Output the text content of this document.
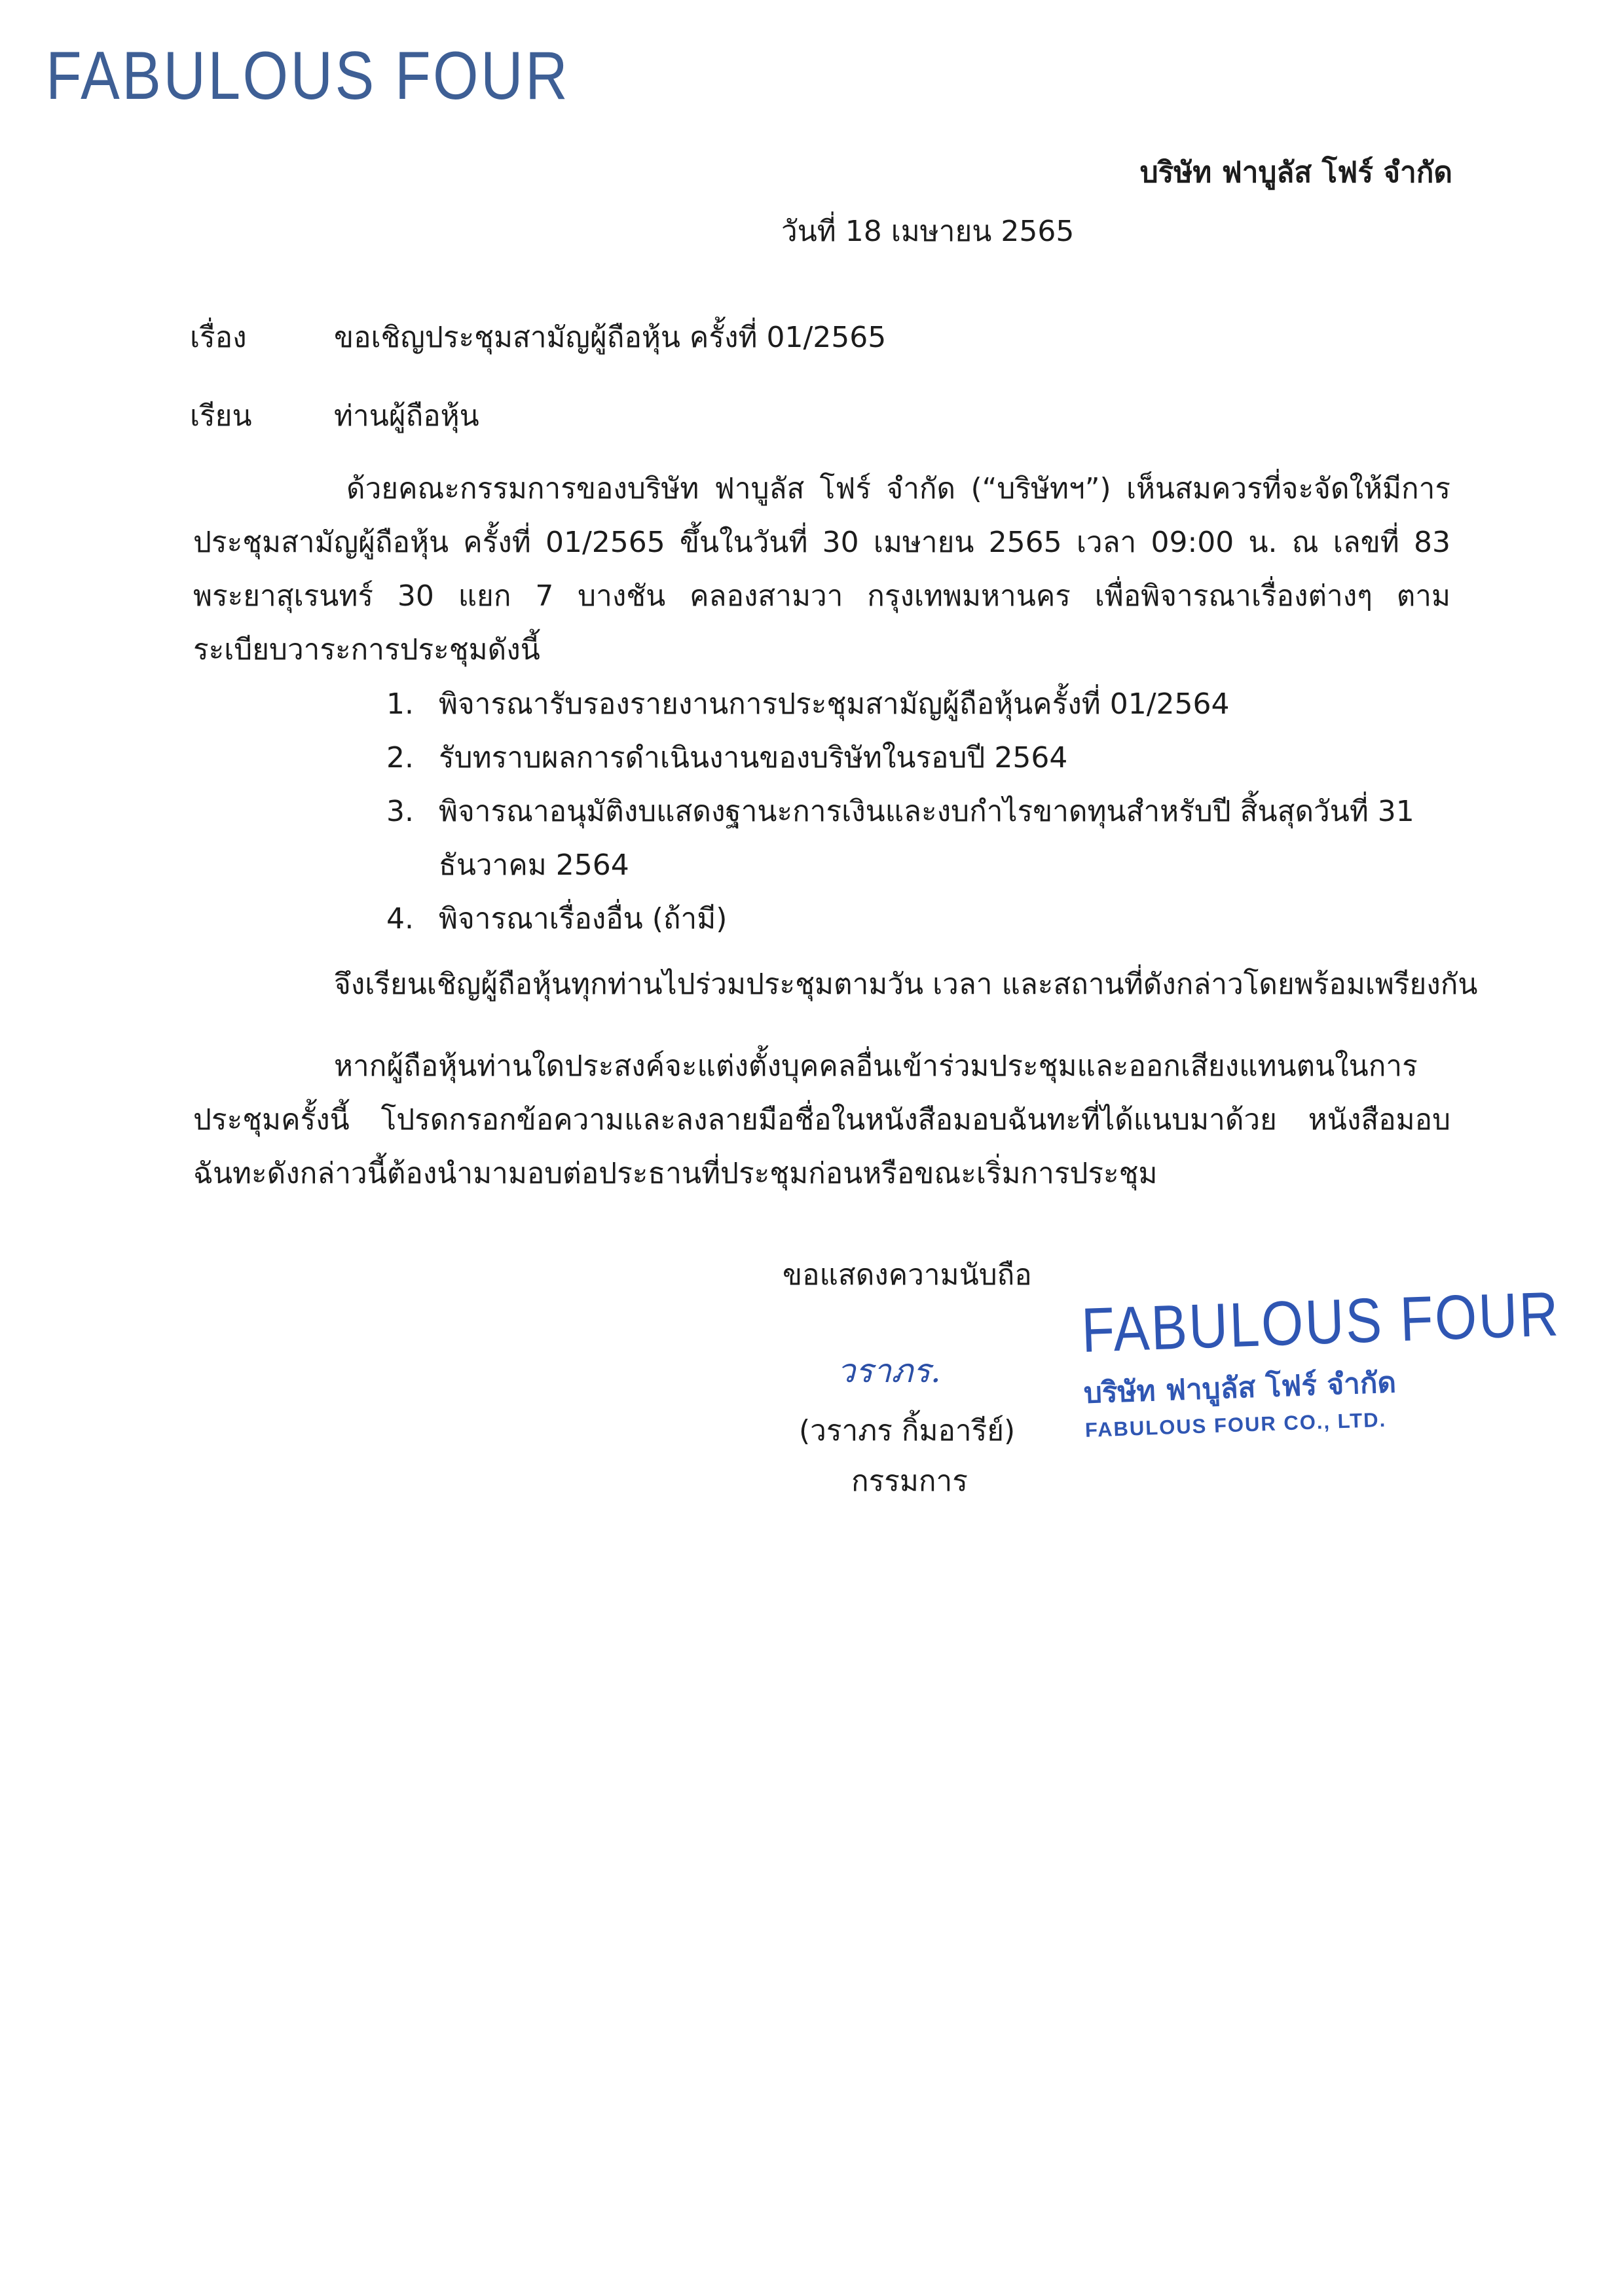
FABULOUS FOUR
บริษัท ฟาบูลัส โฟร์ จำกัด
วันที่ 18 เมษายน 2565
เรื่อง	ขอเชิญประชุมสามัญผู้ถือหุ้น ครั้งที่ 01/2565
เรียน	ท่านผู้ถือหุ้น
ด้วยคณะกรรมการของบริษัท ฟาบูลัส โฟร์ จำกัด (“บริษัทฯ”) เห็นสมควรที่จะจัดให้มีการประชุมสามัญผู้ถือหุ้น ครั้งที่ 01/2565 ขึ้นในวันที่ 30 เมษายน 2565 เวลา 09:00 น. ณ เลขที่ 83 พระยาสุเรนทร์ 30 แยก 7 บางชัน คลองสามวา กรุงเทพมหานคร เพื่อพิจารณาเรื่องต่างๆ ตามระเบียบวาระการประชุมดังนี้
1. พิจารณารับรองรายงานการประชุมสามัญผู้ถือหุ้นครั้งที่ 01/2564
2. รับทราบผลการดำเนินงานของบริษัทในรอบปี 2564
3. พิจารณาอนุมัติงบแสดงฐานะการเงินและงบกำไรขาดทุนสำหรับปี สิ้นสุดวันที่ 31 ธันวาคม 2564
4. พิจารณาเรื่องอื่น (ถ้ามี)
จึงเรียนเชิญผู้ถือหุ้นทุกท่านไปร่วมประชุมตามวัน เวลา และสถานที่ดังกล่าวโดยพร้อมเพรียงกัน
หากผู้ถือหุ้นท่านใดประสงค์จะแต่งตั้งบุคคลอื่นเข้าร่วมประชุมและออกเสียงแทนตนในการประชุมครั้งนี้ โปรดกรอกข้อความและลงลายมือชื่อในหนังสือมอบฉันทะที่ได้แนบมาด้วย หนังสือมอบฉันทะดังกล่าวนี้ต้องนำมามอบต่อประธานที่ประชุมก่อนหรือขณะเริ่มการประชุม
ขอแสดงความนับถือ
วราภร.
(วราภร กิ้มอารีย์)
กรรมการ
FABULOUS FOUR
บริษัท ฟาบูลัส โฟร์ จำกัด
FABULOUS FOUR CO., LTD.
